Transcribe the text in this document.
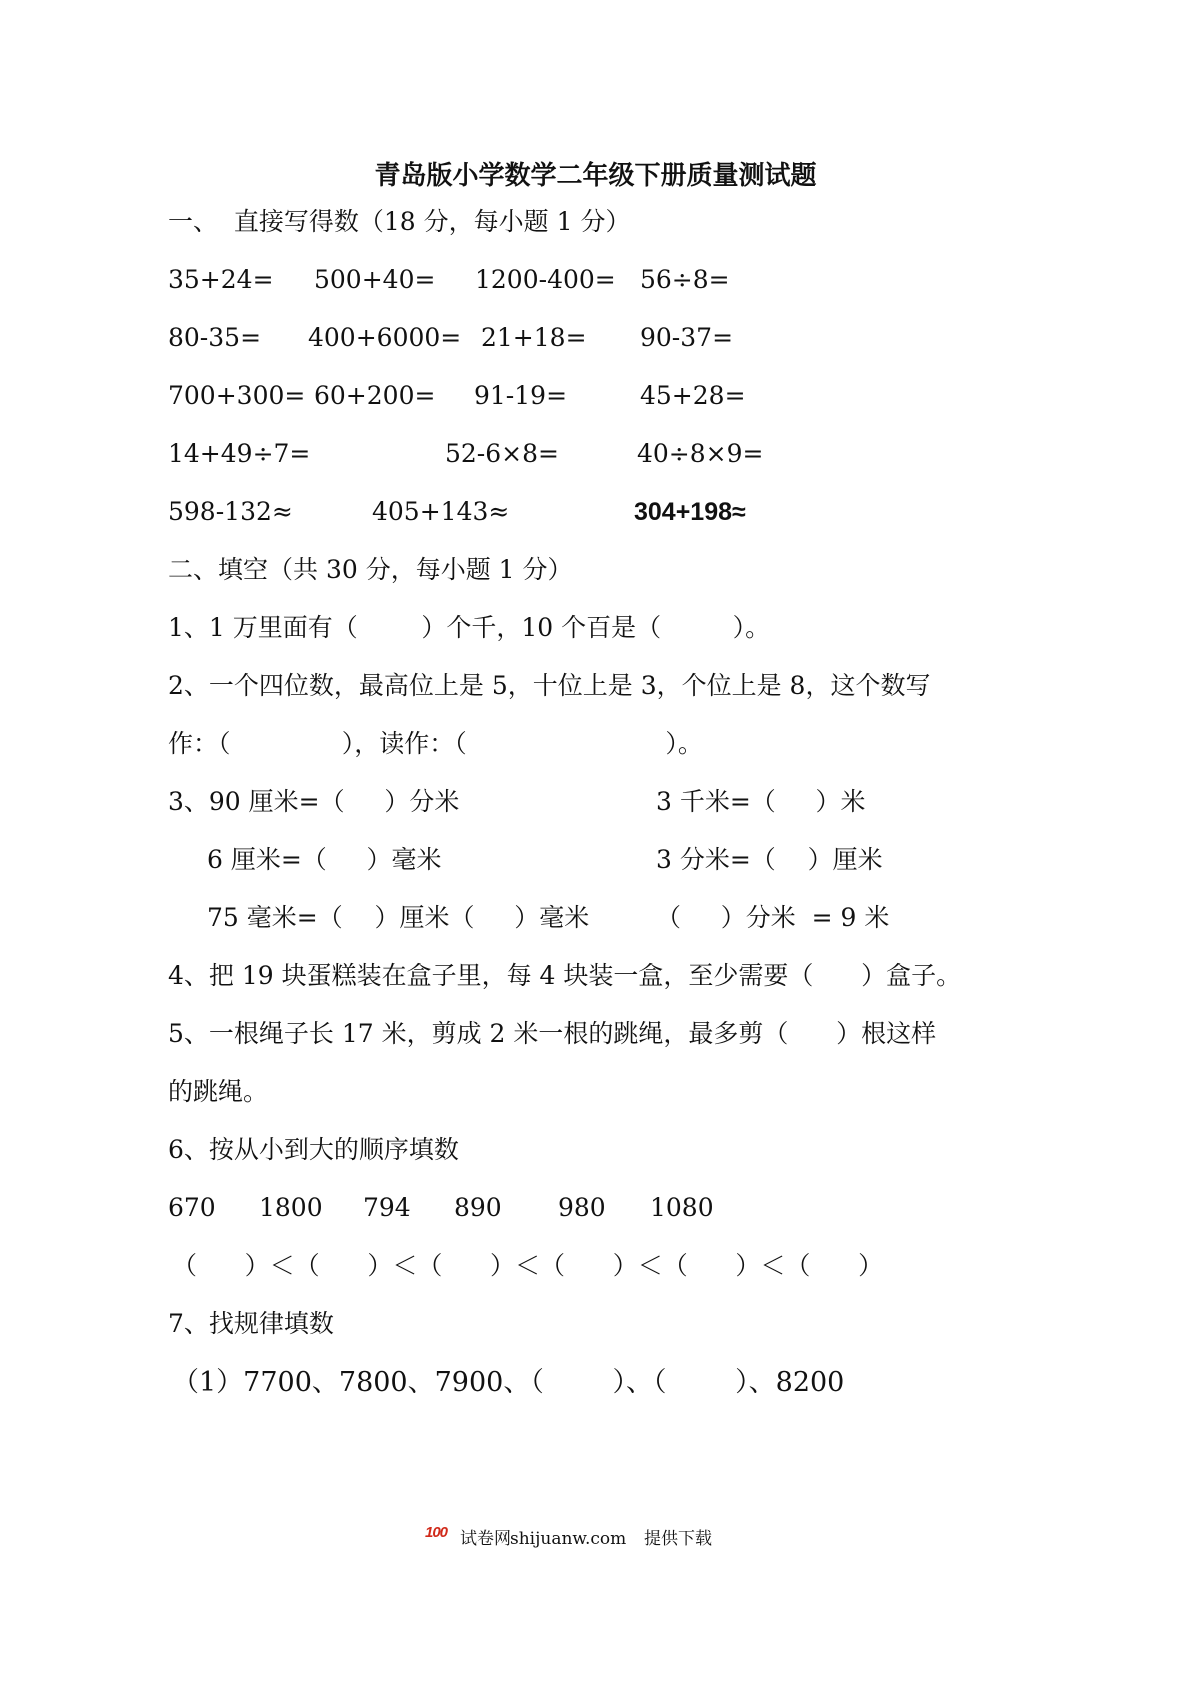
青岛版小学数学二年级下册质量测试题
一、  直接写得数（18 分，每小题 1 分）
35+24= 500+40= 1200-400= 56÷8=
80-35= 400+6000= 21+18= 90-37=
700+300= 60+200= 91-19=	45+28=
14+49÷7=	52-6×8=	40÷8×9=
598-132≈	405+143≈	304+198≈
二、填空（共 30 分，每小题 1 分）
1、1 万里面有（        ）个千，10 个百是（         ）。
2、一个四位数，最高位上是 5，十位上是 3，个位上是 8，这个数写
作：（              ），读作：（                         ）。
3、90 厘米=（     ）分米	3 千米=（     ）米
6 厘米=（     ）毫米	3 分米=（    ）厘米
75 毫米=（    ）厘米（     ）毫米	（     ）分米  = 9 米
4、把 19 块蛋糕装在盒子里，每 4 块装一盒，至少需要（      ）盒子。
5、一根绳子长 17 米，剪成 2 米一根的跳绳，最多剪（      ）根这样
的跳绳。
6、按从小到大的顺序填数
670 1800 794 890 980 1080
（      ）＜（      ）＜（      ）＜（      ）＜（      ）＜（      ）
7、找规律填数
（1）7700、7800、7900、（        ）、（        ）、8200
100 试卷网 shijuanw.com 提供下载
